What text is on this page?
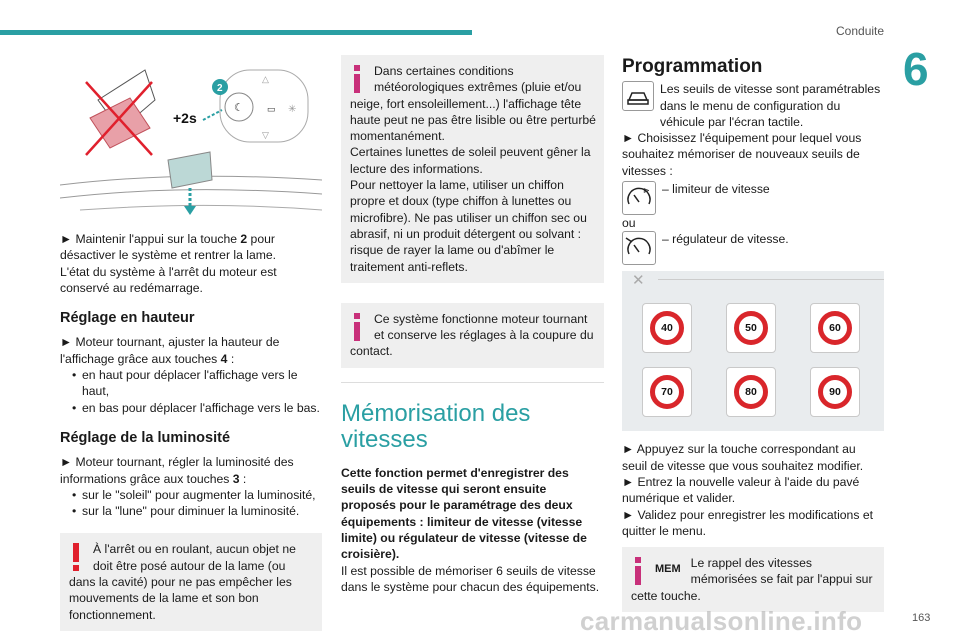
Conduite
6
☾	▭ ✳
△
▽
2
+2s

► Maintenir l'appui sur la touche 2 pour désactiver le système et rentrer la lame.

L'état du système à l'arrêt du moteur est conservé au redémarrage.

Réglage en hauteur

► Moteur tournant, ajuster la hauteur de l'affichage grâce aux touches 4 :

• en haut pour déplacer l'affichage vers le haut,

• en bas pour déplacer l'affichage vers le bas.

Réglage de la luminosité

► Moteur tournant, régler la luminosité des informations grâce aux touches 3 :

• sur le "soleil" pour augmenter la luminosité,

• sur la "lune" pour diminuer la luminosité.

À l'arrêt ou en roulant, aucun objet ne doit être posé autour de la lame (ou dans la cavité) pour ne pas empêcher les mouvements de la lame et son bon fonctionnement.

Dans certaines conditions météorologiques extrêmes (pluie et/ou neige, fort ensoleillement...) l'affichage tête haute peut ne pas être lisible ou être perturbé momentanément.

Certaines lunettes de soleil peuvent gêner la lecture des informations.

Pour nettoyer la lame, utiliser un chiffon propre et doux (type chiffon à lunettes ou microfibre). Ne pas utiliser un chiffon sec ou abrasif, ni un produit détergent ou solvant : risque de rayer la lame ou d'abîmer le traitement anti-reflets.

Ce système fonctionne moteur tournant et conserve les réglages à la coupure du contact.

Mémorisation des vitesses

Cette fonction permet d'enregistrer des seuils de vitesse qui seront ensuite proposés pour le paramétrage des deux équipements : limiteur de vitesse (vitesse limite) ou régulateur de vitesse (vitesse de croisière).

Il est possible de mémoriser 6 seuils de vitesse dans le système pour chacun des équipements.

Programmation

Les seuils de vitesse sont paramétrables dans le menu de configuration du véhicule par l'écran tactile.

► Choisissez l'équipement pour lequel vous souhaitez mémoriser de nouveaux seuils de vitesses :

⊳ – limiteur de vitesse

ou

– régulateur de vitesse.

✕
40	50	60
70	80	90

► Appuyez sur la touche correspondant au seuil de vitesse que vous souhaitez modifier.

► Entrez la nouvelle valeur à l'aide du pavé numérique et valider.

► Validez pour enregistrer les modifications et quitter le menu.

MEM Le rappel des vitesses mémorisées se fait par l'appui sur cette touche.

carmanualsonline.info	163
